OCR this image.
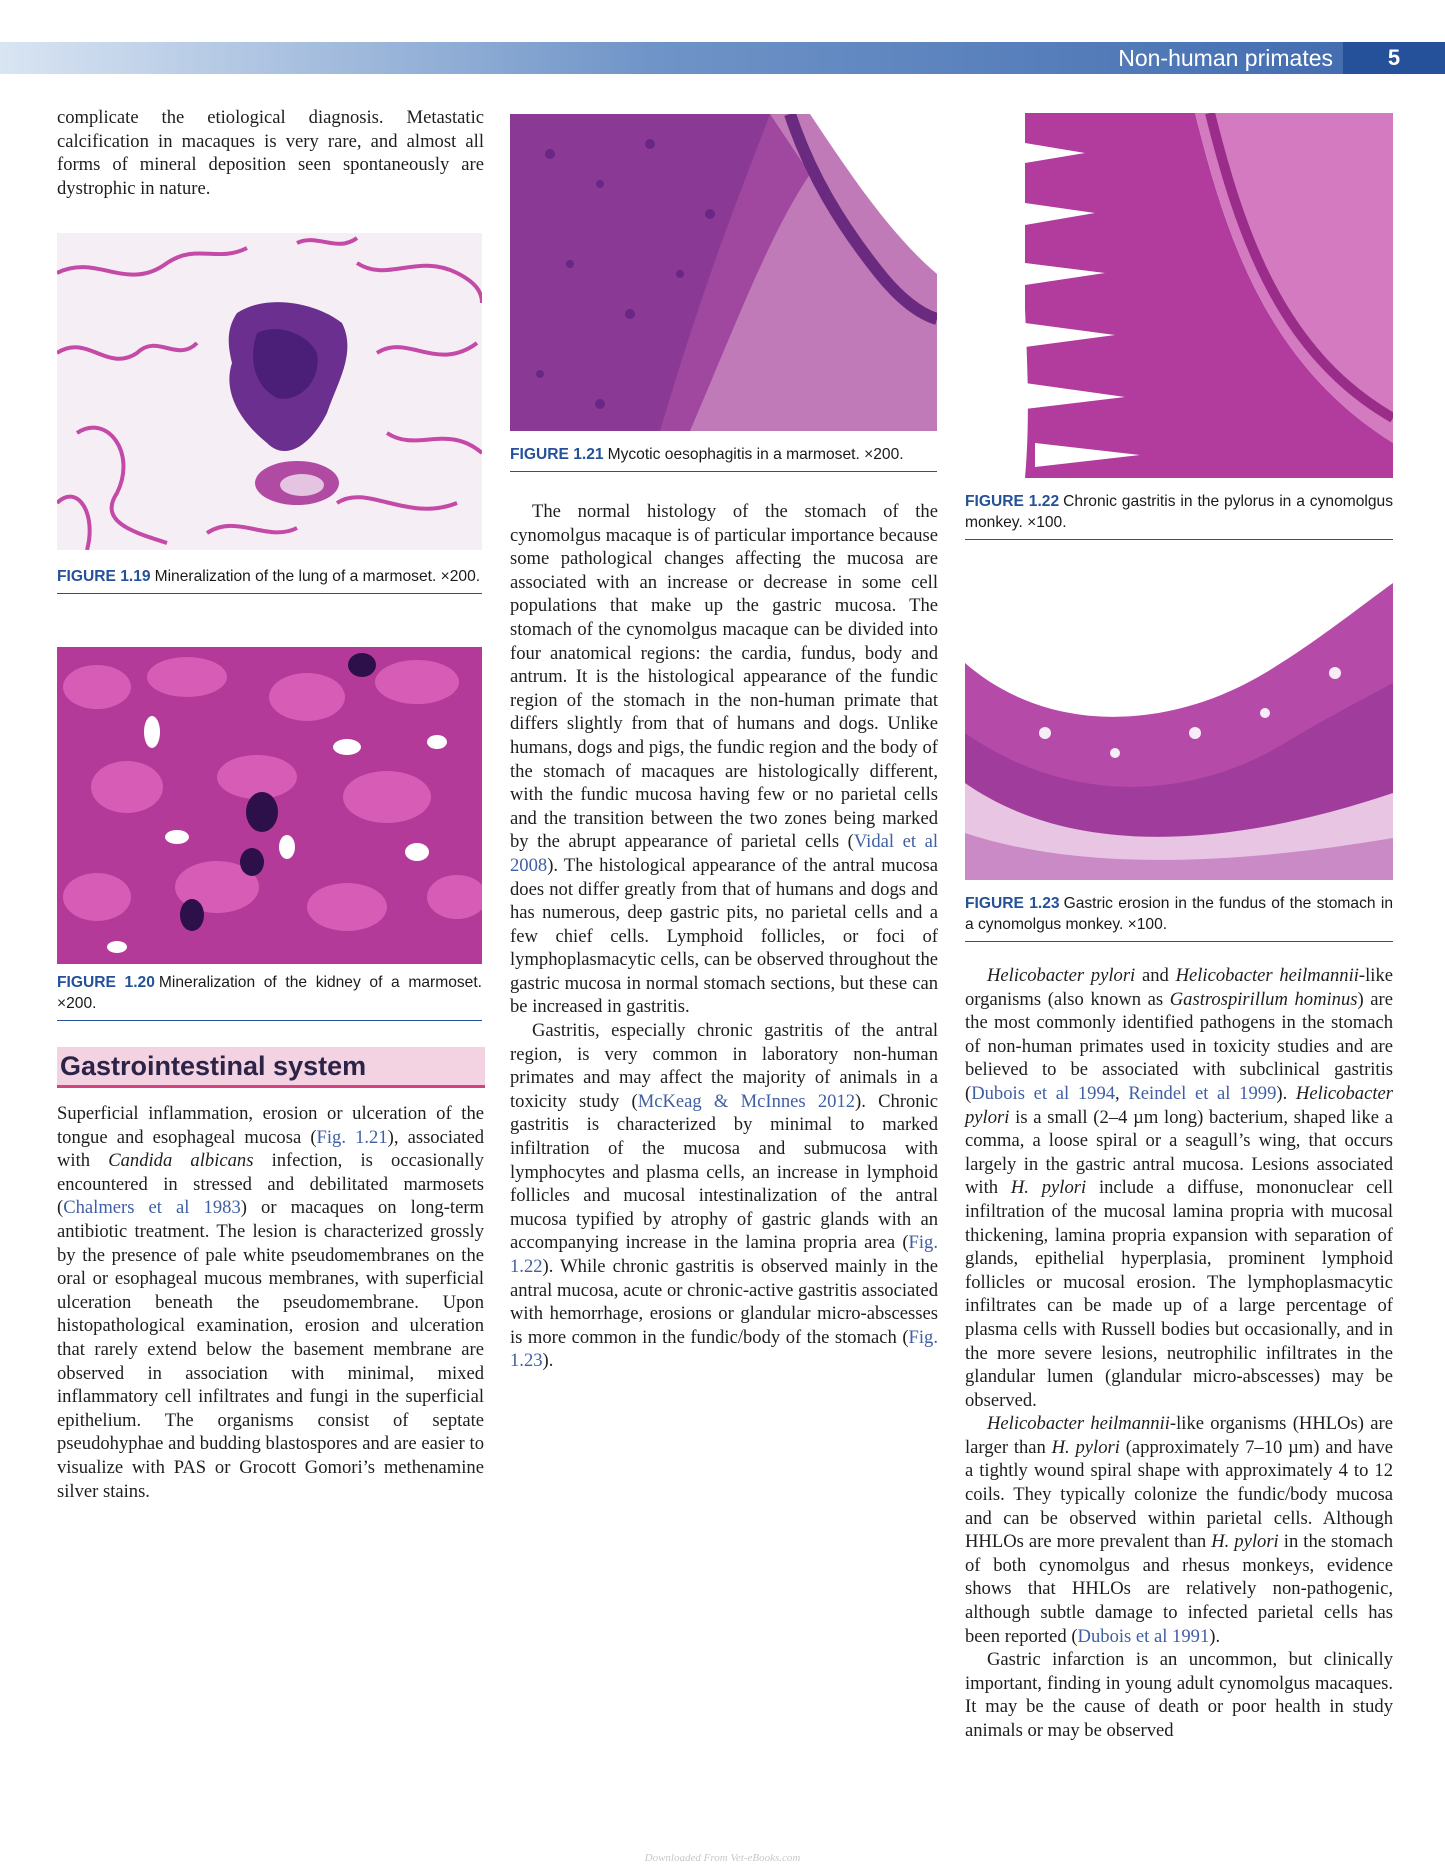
Non-human primates	5

complicate the etiological diagnosis. Metastatic calcification in macaques is very rare, and almost all forms of mineral deposition seen spontaneously are dystrophic in nature.

FIGURE 1.19 Mineralization of the lung of a marmoset. ×200.
FIGURE 1.20 Mineralization of the kidney of a marmoset. ×200.
Gastrointestinal system

Superficial inflammation, erosion or ulceration of the tongue and esophageal mucosa (Fig. 1.21), associated with Candida albicans infection, is occasionally encountered in stressed and debilitated marmosets (Chalmers et al 1983) or macaques on long-term antibiotic treatment. The lesion is characterized grossly by the presence of pale white pseudomembranes on the oral or esophageal mucous membranes, with superficial ulceration beneath the pseudomembrane. Upon histopathological examination, erosion and ulceration that rarely extend below the basement membrane are observed in association with minimal, mixed inflammatory cell infiltrates and fungi in the superficial epithelium. The organisms consist of septate pseudohyphae and budding blastospores and are easier to visualize with PAS or Grocott Gomori’s methenamine silver stains.

FIGURE 1.21 Mycotic oesophagitis in a marmoset. ×200.

The normal histology of the stomach of the cynomolgus macaque is of particular importance because some pathological changes affecting the mucosa are associated with an increase or decrease in some cell populations that make up the gastric mucosa. The stomach of the cynomolgus macaque can be divided into four anatomical regions: the cardia, fundus, body and antrum. It is the histological appearance of the fundic region of the stomach in the non-human primate that differs slightly from that of humans and dogs. Unlike humans, dogs and pigs, the fundic region and the body of the stomach of macaques are histologically different, with the fundic mucosa having few or no parietal cells and the transition between the two zones being marked by the abrupt appearance of parietal cells (Vidal et al 2008). The histological appearance of the antral mucosa does not differ greatly from that of humans and dogs and has numerous, deep gastric pits, no parietal cells and a few chief cells. Lymphoid follicles, or foci of lymphoplasmacytic cells, can be observed throughout the gastric mucosa in normal stomach sections, but these can be increased in gastritis.

Gastritis, especially chronic gastritis of the antral region, is very common in laboratory non-human primates and may affect the majority of animals in a toxicity study (McKeag & McInnes 2012). Chronic gastritis is characterized by minimal to marked infiltration of the mucosa and submucosa with lymphocytes and plasma cells, an increase in lymphoid follicles and mucosal intestinalization of the antral mucosa typified by atrophy of gastric glands with an accompanying increase in the lamina propria area (Fig. 1.22). While chronic gastritis is observed mainly in the antral mucosa, acute or chronic-active gastritis associated with hemorrhage, erosions or glandular micro-abscesses is more common in the fundic/body of the stomach (Fig. 1.23).

FIGURE 1.22 Chronic gastritis in the pylorus in a cynomolgus monkey. ×100.
FIGURE 1.23 Gastric erosion in the fundus of the stomach in a cynomolgus monkey. ×100.

Helicobacter pylori and Helicobacter heilmannii-like organisms (also known as Gastrospirillum hominus) are the most commonly identified pathogens in the stomach of non-human primates used in toxicity studies and are believed to be associated with subclinical gastritis (Dubois et al 1994, Reindel et al 1999). Helicobacter pylori is a small (2–4 µm long) bacterium, shaped like a comma, a loose spiral or a seagull’s wing, that occurs largely in the gastric antral mucosa. Lesions associated with H. pylori include a diffuse, mononuclear cell infiltration of the mucosal lamina propria with mucosal thickening, lamina propria expansion with separation of glands, epithelial hyperplasia, prominent lymphoid follicles or mucosal erosion. The lymphoplasmacytic infiltrates can be made up of a large percentage of plasma cells with Russell bodies but occasionally, and in the more severe lesions, neutrophilic infiltrates in the glandular lumen (glandular micro-abscesses) may be observed.

Helicobacter heilmannii-like organisms (HHLOs) are larger than H. pylori (approximately 7–10 µm) and have a tightly wound spiral shape with approximately 4 to 12 coils. They typically colonize the fundic/body mucosa and can be observed within parietal cells. Although HHLOs are more prevalent than H. pylori in the stomach of both cynomolgus and rhesus monkeys, evidence shows that HHLOs are relatively non-pathogenic, although subtle damage to infected parietal cells has been reported (Dubois et al 1991).

Gastric infarction is an uncommon, but clinically important, finding in young adult cynomolgus macaques. It may be the cause of death or poor health in study animals or may be observed

Downloaded From Vet-eBooks.com
